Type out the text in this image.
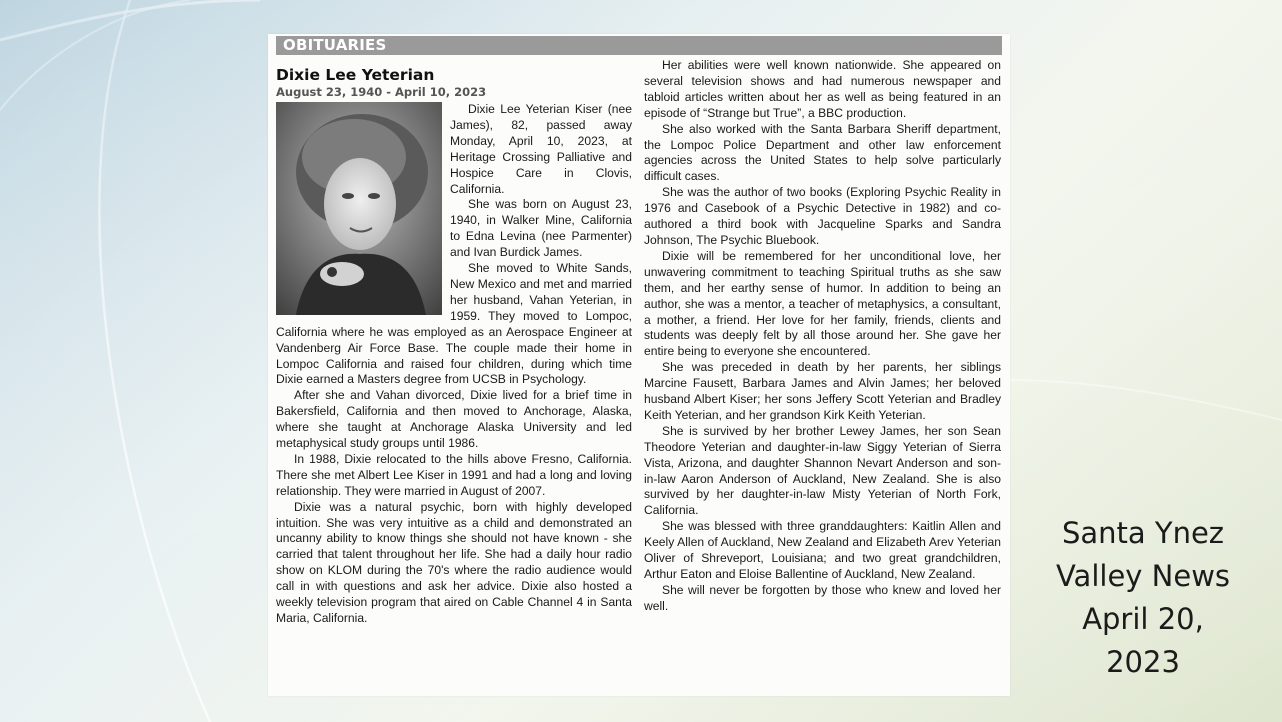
OBITUARIES
Dixie Lee Yeterian
August 23, 1940 - April 10, 2023

Dixie Lee Yeterian Kiser (nee James), 82, passed away Monday, April 10, 2023, at Heritage Crossing Palliative and Hospice Care in Clovis, California.

She was born on August 23, 1940, in Walker Mine, California to Edna Levina (nee Parmenter) and Ivan Burdick James.

She moved to White Sands, New Mexico and met and married her husband, Vahan Yeterian, in 1959. They moved to Lompoc, California where he was employed as an Aerospace Engineer at Vandenberg Air Force Base. The couple made their home in Lompoc California and raised four children, during which time Dixie earned a Masters degree from UCSB in Psychology.

After she and Vahan divorced, Dixie lived for a brief time in Bakersfield, California and then moved to Anchorage, Alaska, where she taught at Anchorage Alaska University and led metaphysical study groups until 1986.

In 1988, Dixie relocated to the hills above Fresno, California. There she met Albert Lee Kiser in 1991 and had a long and loving relationship. They were married in August of 2007.

Dixie was a natural psychic, born with highly developed intuition. She was very intuitive as a child and demonstrated an uncanny ability to know things she should not have known - she carried that talent throughout her life. She had a daily hour radio show on KLOM during the 70's where the radio audience would call in with questions and ask her advice. Dixie also hosted a weekly television program that aired on Cable Channel 4 in Santa Maria, California.

Her abilities were well known nationwide. She appeared on several television shows and had numerous newspaper and tabloid articles written about her as well as being featured in an episode of “Strange but True”, a BBC production.

She also worked with the Santa Barbara Sheriff department, the Lompoc Police Department and other law enforcement agencies across the United States to help solve particularly difficult cases.

She was the author of two books (Exploring Psychic Reality in 1976 and Casebook of a Psychic Detective in 1982) and co-authored a third book with Jacqueline Sparks and Sandra Johnson, The Psychic Bluebook.

Dixie will be remembered for her unconditional love, her unwavering commitment to teaching Spiritual truths as she saw them, and her earthy sense of humor. In addition to being an author, she was a mentor, a teacher of metaphysics, a consultant, a mother, a friend. Her love for her family, friends, clients and students was deeply felt by all those around her. She gave her entire being to everyone she encountered.

She was preceded in death by her parents, her siblings Marcine Fausett, Barbara James and Alvin James; her beloved husband Albert Kiser; her sons Jeffery Scott Yeterian and Bradley Keith Yeterian, and her grandson Kirk Keith Yeterian.

She is survived by her brother Lewey James, her son Sean Theodore Yeterian and daughter-in-law Siggy Yeterian of Sierra Vista, Arizona, and daughter Shannon Nevart Anderson and son-in-law Aaron Anderson of Auckland, New Zealand. She is also survived by her daughter-in-law Misty Yeterian of North Fork, California.

She was blessed with three granddaughters: Kaitlin Allen and Keely Allen of Auckland, New Zealand and Elizabeth Arev Yeterian Oliver of Shreveport, Louisiana; and two great grandchildren, Arthur Eaton and Eloise Ballentine of Auckland, New Zealand.

She will never be forgotten by those who knew and loved her well.

Santa Ynez
Valley News
April 20,
2023
